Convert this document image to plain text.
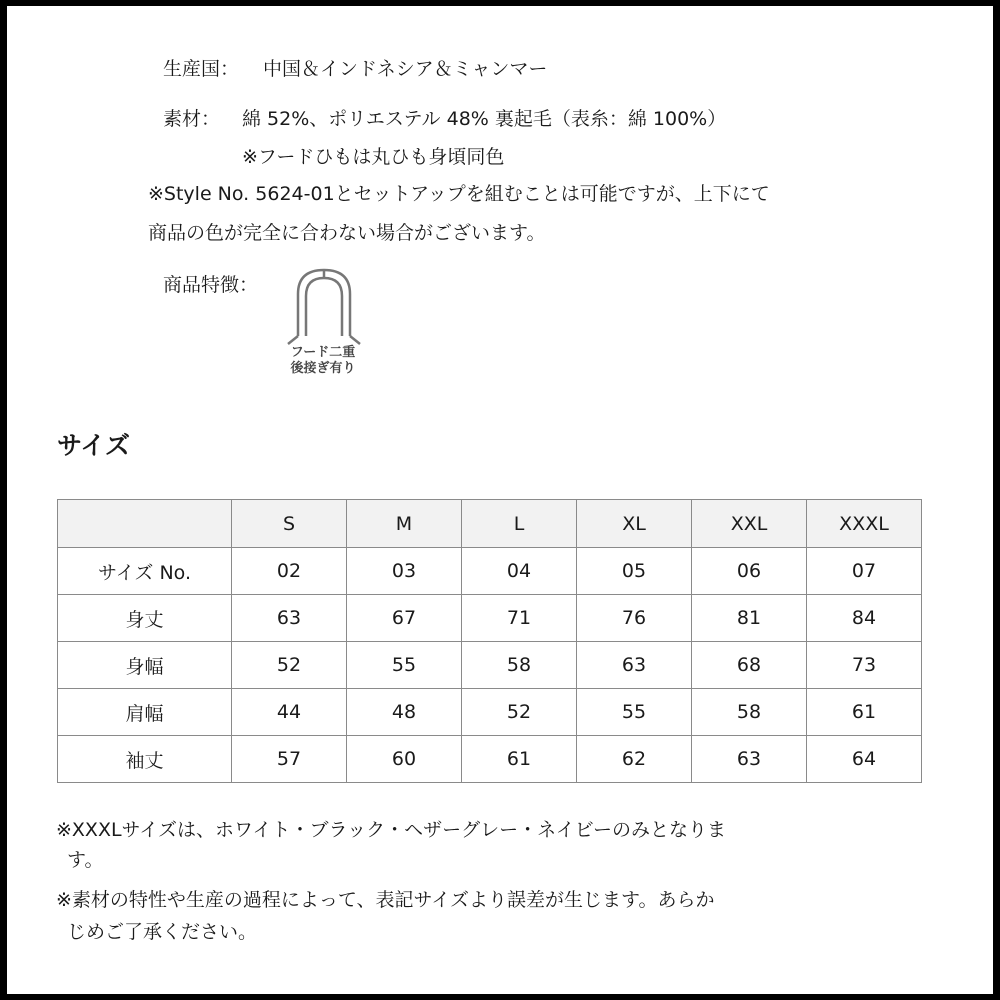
生産国： 中国＆インドネシア＆ミャンマー
素材： 綿 52%、ポリエステル 48% 裏起毛（表糸：綿 100%）
※フードひもは丸ひも身頃同色
※Style No. 5624-01とセットアップを組むことは可能ですが、上下にて
商品の色が完全に合わない場合がございます。
商品特徴：
フード二重
後接ぎ有り
サイズ
	S	M	L	XL	XXL	XXXL
サイズ No.	02	03	04	05	06	07
身丈	63	67	71	76	81	84
身幅	52	55	58	63	68	73
肩幅	44	48	52	55	58	61
袖丈	57	60	61	62	63	64
※XXXLサイズは、ホワイト・ブラック・ヘザーグレー・ネイビーのみとなりま
す。
※素材の特性や生産の過程によって、表記サイズより誤差が生じます。あらか
じめご了承ください。
